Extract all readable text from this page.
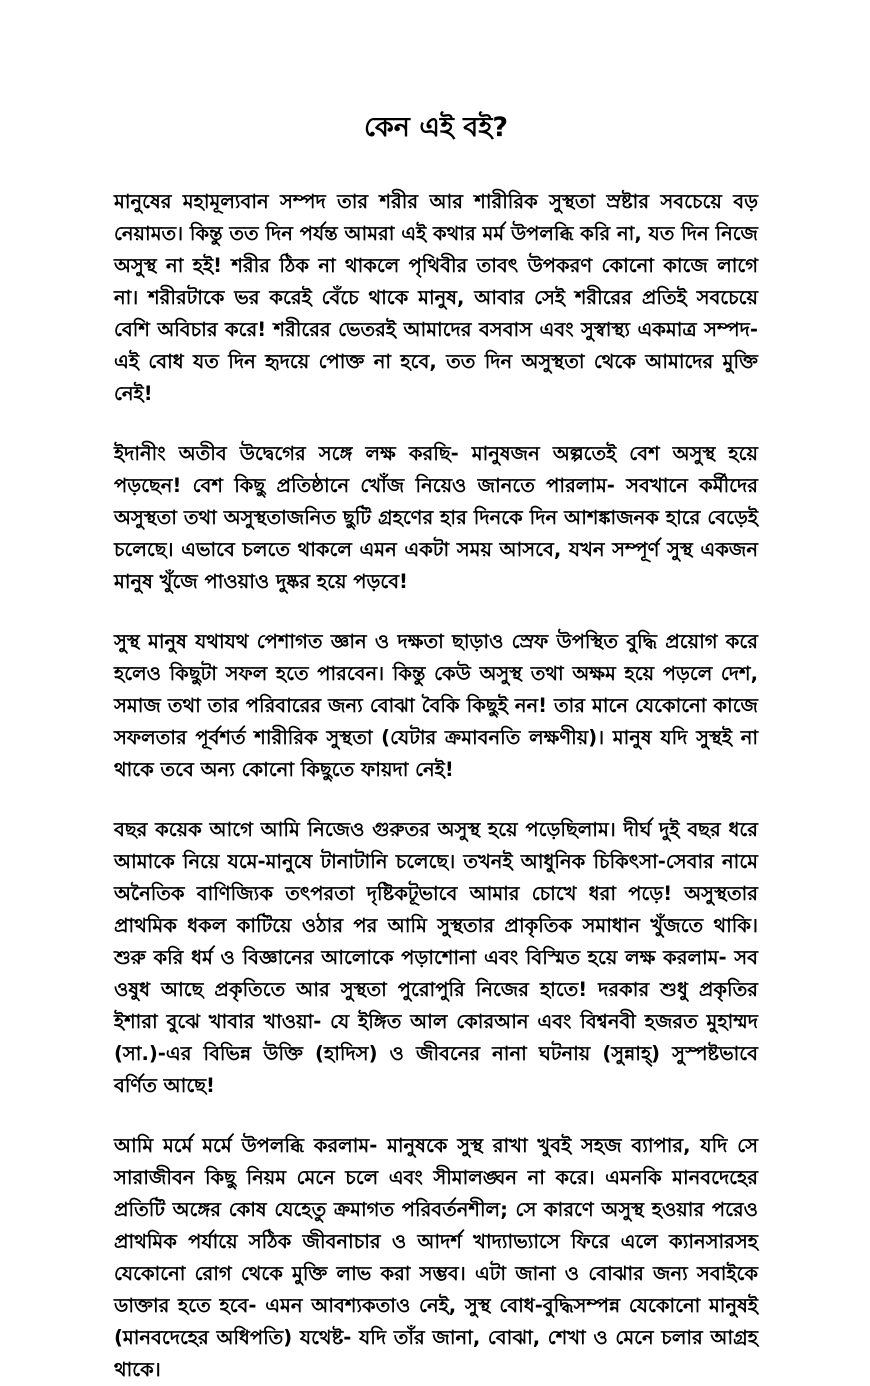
কেন এই বই?

মানুষের মহামূল্যবান সম্পদ তার শরীর আর শারীরিক সুস্থতা স্রষ্টার সবচেয়ে বড় নেয়ামত। কিন্তু তত দিন পর্যন্ত আমরা এই কথার মর্ম উপলব্ধি করি না, যত দিন নিজে অসুস্থ না হই! শরীর ঠিক না থাকলে পৃথিবীর তাবৎ উপকরণ কোনো কাজে লাগে না। শরীরটাকে ভর করেই বেঁচে থাকে মানুষ, আবার সেই শরীরের প্রতিই সবচেয়ে বেশি অবিচার করে! শরীরের ভেতরই আমাদের বসবাস এবং সুস্বাস্থ্য একমাত্র সম্পদ- এই বোধ যত দিন হৃদয়ে পোক্ত না হবে, তত দিন অসুস্থতা থেকে আমাদের মুক্তি নেই!

ইদানীং অতীব উদ্বেগের সঙ্গে লক্ষ করছি- মানুষজন অল্পতেই বেশ অসুস্থ হয়ে পড়ছেন! বেশ কিছু প্রতিষ্ঠানে খোঁজ নিয়েও জানতে পারলাম- সবখানে কর্মীদের অসুস্থতা তথা অসুস্থতাজনিত ছুটি গ্রহণের হার দিনকে দিন আশঙ্কাজনক হারে বেড়েই চলেছে। এভাবে চলতে থাকলে এমন একটা সময় আসবে, যখন সম্পূর্ণ সুস্থ একজন মানুষ খুঁজে পাওয়াও দুষ্কর হয়ে পড়বে!

সুস্থ মানুষ যথাযথ পেশাগত জ্ঞান ও দক্ষতা ছাড়াও স্রেফ উপস্থিত বুদ্ধি প্রয়োগ করে হলেও কিছুটা সফল হতে পারবেন। কিন্তু কেউ অসুস্থ তথা অক্ষম হয়ে পড়লে দেশ, সমাজ তথা তার পরিবারের জন্য বোঝা বৈকি কিছুই নন! তার মানে যেকোনো কাজে সফলতার পূর্বশর্ত শারীরিক সুস্থতা (যেটার ক্রমাবনতি লক্ষণীয়)। মানুষ যদি সুস্থই না থাকে তবে অন্য কোনো কিছুতে ফায়দা নেই!

বছর কয়েক আগে আমি নিজেও গুরুতর অসুস্থ হয়ে পড়েছিলাম। দীর্ঘ দুই বছর ধরে আমাকে নিয়ে যমে-মানুষে টানাটানি চলেছে। তখনই আধুনিক চিকিৎসা-সেবার নামে অনৈতিক বাণিজ্যিক তৎপরতা দৃষ্টিকটূভাবে আমার চোখে ধরা পড়ে! অসুস্থতার প্রাথমিক ধকল কাটিয়ে ওঠার পর আমি সুস্থতার প্রাকৃতিক সমাধান খুঁজতে থাকি। শুরু করি ধর্ম ও বিজ্ঞানের আলোকে পড়াশোনা এবং বিস্মিত হয়ে লক্ষ করলাম- সব ওষুধ আছে প্রকৃতিতে আর সুস্থতা পুরোপুরি নিজের হাতে! দরকার শুধু প্রকৃতির ইশারা বুঝে খাবার খাওয়া- যে ইঙ্গিত আল কোরআন এবং বিশ্বনবী হজরত মুহাম্মদ (সা.)-এর বিভিন্ন উক্তি (হাদিস) ও জীবনের নানা ঘটনায় (সুন্নাহ্) সুস্পষ্টভাবে বর্ণিত আছে!

আমি মর্মে মর্মে উপলব্ধি করলাম- মানুষকে সুস্থ রাখা খুবই সহজ ব্যাপার, যদি সে সারাজীবন কিছু নিয়ম মেনে চলে এবং সীমালঙ্ঘন না করে। এমনকি মানবদেহের প্রতিটি অঙ্গের কোষ যেহেতু ক্রমাগত পরিবর্তনশীল; সে কারণে অসুস্থ হওয়ার পরেও প্রাথমিক পর্যায়ে সঠিক জীবনাচার ও আদর্শ খাদ্যাভ্যাসে ফিরে এলে ক্যানসারসহ যেকোনো রোগ থেকে মুক্তি লাভ করা সম্ভব। এটা জানা ও বোঝার জন্য সবাইকে ডাক্তার হতে হবে- এমন আবশ্যকতাও নেই, সুস্থ বোধ-বুদ্ধিসম্পন্ন যেকোনো মানুষই (মানবদেহের অধিপতি) যথেষ্ট- যদি তাঁর জানা, বোঝা, শেখা ও মেনে চলার আগ্রহ থাকে।
